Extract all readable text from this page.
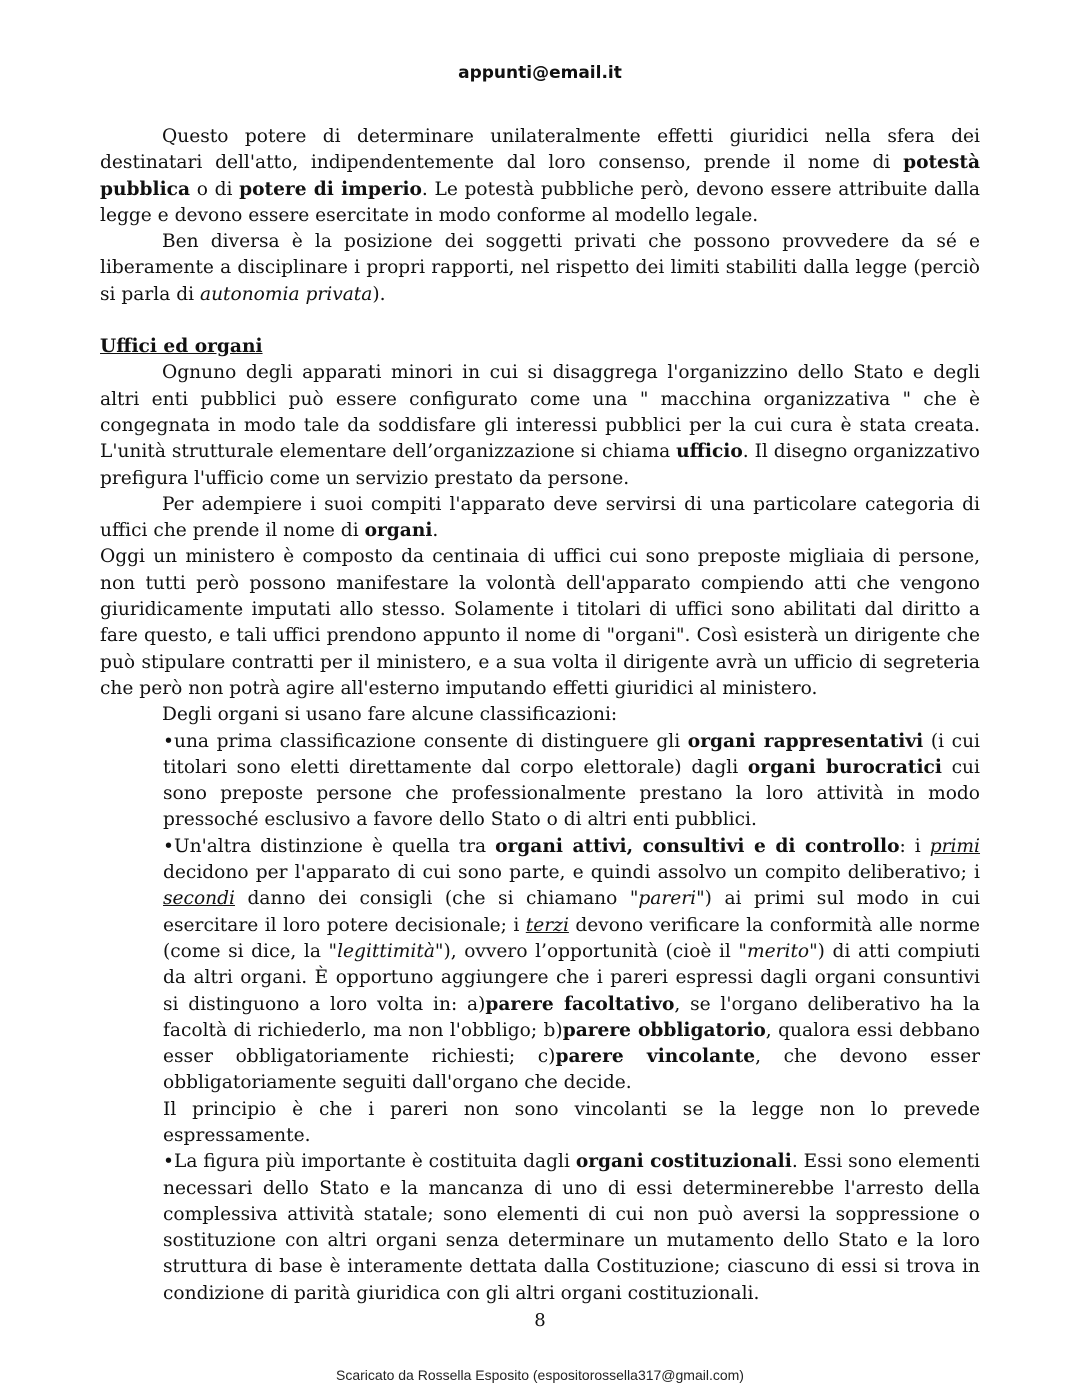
appunti@email.it

Questo potere di determinare unilateralmente effetti giuridici nella sfera dei destinatari dell'atto, indipendentemente dal loro consenso, prende il nome di potestà pubblica o di potere di imperio. Le potestà pubbliche però, devono essere attribuite dalla legge e devono essere esercitate in modo conforme al modello legale.

Ben diversa è la posizione dei soggetti privati che possono provvedere da sé e liberamente a disciplinare i propri rapporti, nel rispetto dei limiti stabiliti dalla legge (perciò si parla di autonomia privata).

Uffici ed organi

Ognuno degli apparati minori in cui si disaggrega l'organizzino dello Stato e degli altri enti pubblici può essere configurato come una " macchina organizzativa " che è congegnata in modo tale da soddisfare gli interessi pubblici per la cui cura è stata creata. L'unità strutturale elementare dell’organizzazione si chiama ufficio. Il disegno organizzativo prefigura l'ufficio come un servizio prestato da persone.

Per adempiere i suoi compiti l'apparato deve servirsi di una particolare categoria di uffici che prende il nome di organi.

Oggi un ministero è composto da centinaia di uffici cui sono preposte migliaia di persone, non tutti però possono manifestare la volontà dell'apparato compiendo atti che vengono giuridicamente imputati allo stesso. Solamente i titolari di uffici sono abilitati dal diritto a fare questo, e tali uffici prendono appunto il nome di "organi". Così esisterà un dirigente che può stipulare contratti per il ministero, e a sua volta il dirigente avrà un ufficio di segreteria che però non potrà agire all'esterno imputando effetti giuridici al ministero.

Degli organi si usano fare alcune classificazioni:

•una prima classificazione consente di distinguere gli organi rappresentativi (i cui titolari sono eletti direttamente dal corpo elettorale) dagli organi burocratici cui sono preposte persone che professionalmente prestano la loro attività in modo pressoché esclusivo a favore dello Stato o di altri enti pubblici.

•Un'altra distinzione è quella tra organi attivi, consultivi e di controllo: i primi decidono per l'apparato di cui sono parte, e quindi assolvo un compito deliberativo; i secondi danno dei consigli (che si chiamano "pareri") ai primi sul modo in cui esercitare il loro potere decisionale; i terzi devono verificare la conformità alle norme (come si dice, la "legittimità"), ovvero l’opportunità (cioè il "merito") di atti compiuti da altri organi. È opportuno aggiungere che i pareri espressi dagli organi consuntivi si distinguono a loro volta in: a)parere facoltativo, se l'organo deliberativo ha la facoltà di richiederlo, ma non l'obbligo; b)parere obbligatorio, qualora essi debbano esser obbligatoriamente richiesti; c)parere vincolante, che devono esser obbligatoriamente seguiti dall'organo che decide.

Il principio è che i pareri non sono vincolanti se la legge non lo prevede espressamente.

•La figura più importante è costituita dagli organi costituzionali. Essi sono elementi necessari dello Stato e la mancanza di uno di essi determinerebbe l'arresto della complessiva attività statale; sono elementi di cui non può aversi la soppressione o sostituzione con altri organi senza determinare un mutamento dello Stato e la loro struttura di base è interamente dettata dalla Costituzione; ciascuno di essi si trova in condizione di parità giuridica con gli altri organi costituzionali.

8
Scaricato da Rossella Esposito (espositorossella317@gmail.com)
